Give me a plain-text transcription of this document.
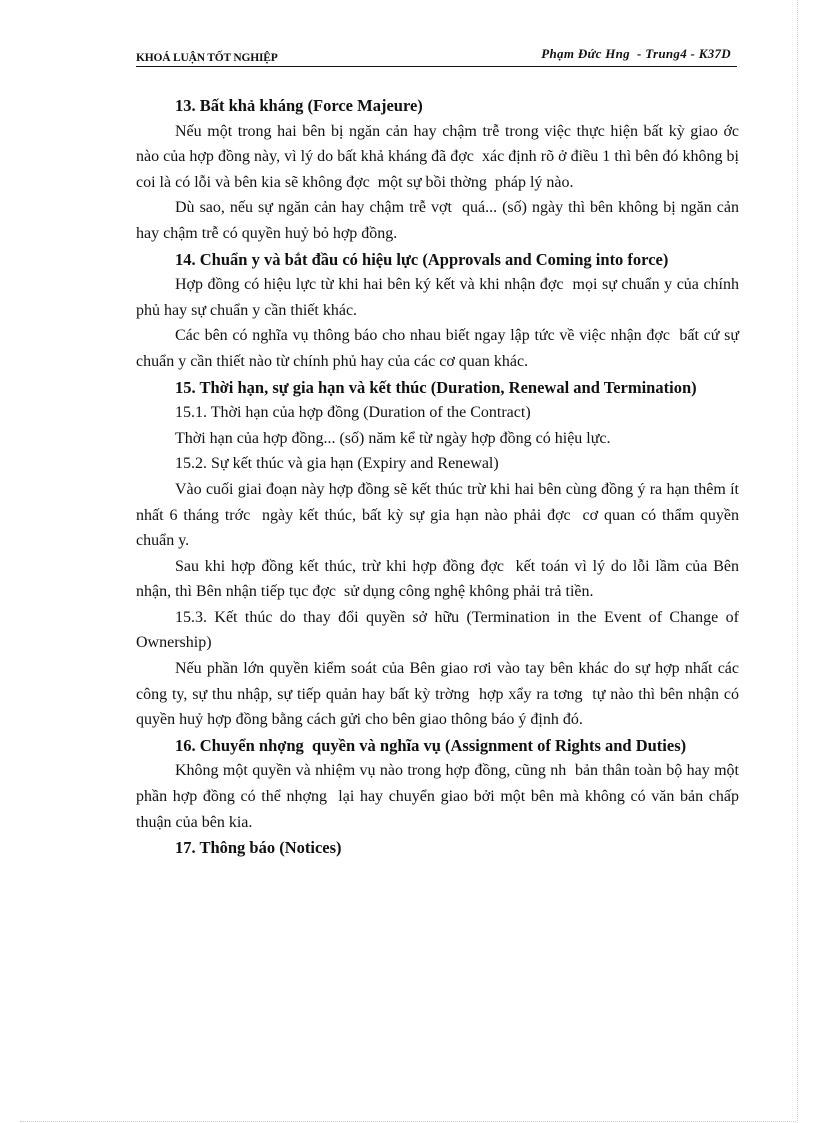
KHOÁ LUẬN TỐT NGHIỆP	Phạm Đức Hng  - Trung4 - K37D

13. Bất khả kháng (Force Majeure)

Nếu một trong hai bên bị ngăn cản hay chậm trễ trong việc thực hiện bất kỳ giao ớc  nào của hợp đồng này, vì lý do bất khả kháng đã đợc  xác định rõ ở điều 1 thì bên đó không bị coi là có lỗi và bên kia sẽ không đợc  một sự bồi thờng  pháp lý nào.

Dù sao, nếu sự ngăn cản hay chậm trễ vợt  quá... (số) ngày thì bên không bị ngăn cản hay chậm trễ có quyền huỷ bỏ hợp đồng.

14. Chuẩn y và bắt đầu có hiệu lực (Approvals and Coming into force)

Hợp đồng có hiệu lực từ khi hai bên ký kết và khi nhận đợc  mọi sự chuẩn y của chính phủ hay sự chuẩn y cần thiết khác.

Các bên có nghĩa vụ thông báo cho nhau biết ngay lập tức về việc nhận đợc  bất cứ sự chuẩn y cần thiết nào từ chính phủ hay của các cơ quan khác.

15. Thời hạn, sự gia hạn và kết thúc (Duration, Renewal and Termination)

15.1. Thời hạn của hợp đồng (Duration of the Contract)

Thời hạn của hợp đồng... (số) năm kể từ ngày hợp đồng có hiệu lực.

15.2. Sự kết thúc và gia hạn (Expiry and Renewal)

Vào cuối giai đoạn này hợp đồng sẽ kết thúc trừ khi hai bên cùng đồng ý ra hạn thêm ít nhất 6 tháng trớc  ngày kết thúc, bất kỳ sự gia hạn nào phải đợc  cơ quan có thẩm quyền chuẩn y.

Sau khi hợp đồng kết thúc, trừ khi hợp đồng đợc  kết toán vì lý do lỗi lầm của Bên nhận, thì Bên nhận tiếp tục đợc  sử dụng công nghệ không phải trả tiền.

15.3. Kết thúc do thay đổi quyền sở hữu (Termination in the Event of Change of Ownership)

Nếu phần lớn quyền kiểm soát của Bên giao rơi vào tay bên khác do sự hợp nhất các công ty, sự thu nhập, sự tiếp quản hay bất kỳ trờng  hợp xẩy ra tơng  tự nào thì bên nhận có quyền huỷ hợp đồng bằng cách gửi cho bên giao thông báo ý định đó.

16. Chuyển nhợng  quyền và nghĩa vụ (Assignment of Rights and Duties)

Không một quyền và nhiệm vụ nào trong hợp đồng, cũng nh  bản thân toàn bộ hay một phần hợp đồng có thể nhợng  lại hay chuyển giao bởi một bên mà không có văn bản chấp thuận của bên kia.

17. Thông báo (Notices)
